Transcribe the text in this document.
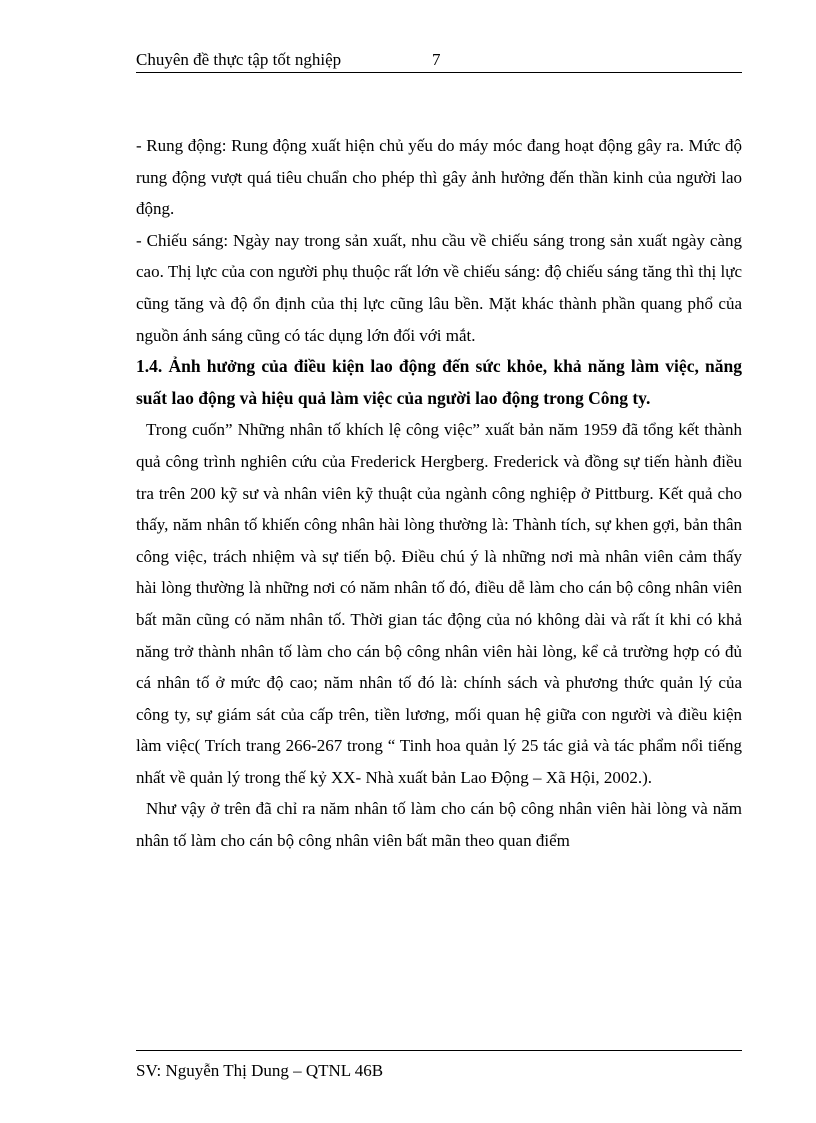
Chuyên đề thực tập tốt nghiệp	7

- Rung động: Rung động xuất hiện chủ yếu do máy móc đang hoạt động gây ra. Mức độ rung động vượt quá tiêu chuẩn cho phép thì gây ảnh hưởng đến thần kinh của người lao động.

- Chiếu sáng: Ngày nay trong sản xuất, nhu cầu về chiếu sáng trong sản xuất ngày càng cao. Thị lực của con người phụ thuộc rất lớn về chiếu sáng: độ chiếu sáng tăng thì thị lực cũng tăng và độ ổn định của thị lực cũng lâu bền. Mặt khác thành phần quang phổ của nguồn ánh sáng cũng có tác dụng lớn đối với mắt.

1.4. Ảnh hưởng của điều kiện lao động đến sức khỏe, khả năng làm việc, năng suất lao động và hiệu quả làm việc của người lao động trong Công ty.

Trong cuốn” Những nhân tố khích lệ công việc” xuất bản năm 1959 đã tổng kết thành quả công trình nghiên cứu của Frederick Hergberg. Frederick và đồng sự tiến hành điều tra trên 200 kỹ sư và nhân viên kỹ thuật của ngành công nghiệp ở Pittburg. Kết quả cho thấy, năm nhân tố khiến công nhân hài lòng thường là: Thành tích, sự khen gợi, bản thân công việc, trách nhiệm và sự tiến bộ. Điều chú ý là những nơi mà nhân viên cảm thấy hài lòng thường là những nơi có năm nhân tố đó, điều dễ làm cho cán bộ công nhân viên bất mãn cũng có năm nhân tố. Thời gian tác động của nó không dài và rất ít khi có khả năng trở thành nhân tố làm cho cán bộ công nhân viên hài lòng, kể cả trường hợp có đủ cá nhân tố ở mức độ cao; năm nhân tố đó là: chính sách và phương thức quản lý của công ty, sự giám sát của cấp trên, tiền lương, mối quan hệ giữa con người và điều kiện làm việc( Trích trang 266-267 trong “ Tinh hoa quản lý 25 tác giả và tác phẩm nổi tiếng nhất về quản lý trong thế kỷ XX- Nhà xuất bản Lao Động – Xã Hội, 2002.).

Như vậy ở trên đã chỉ ra năm nhân tố làm cho cán bộ công nhân viên hài lòng và năm nhân tố làm cho cán bộ công nhân viên bất mãn theo quan điểm

SV: Nguyễn Thị Dung – QTNL 46B
